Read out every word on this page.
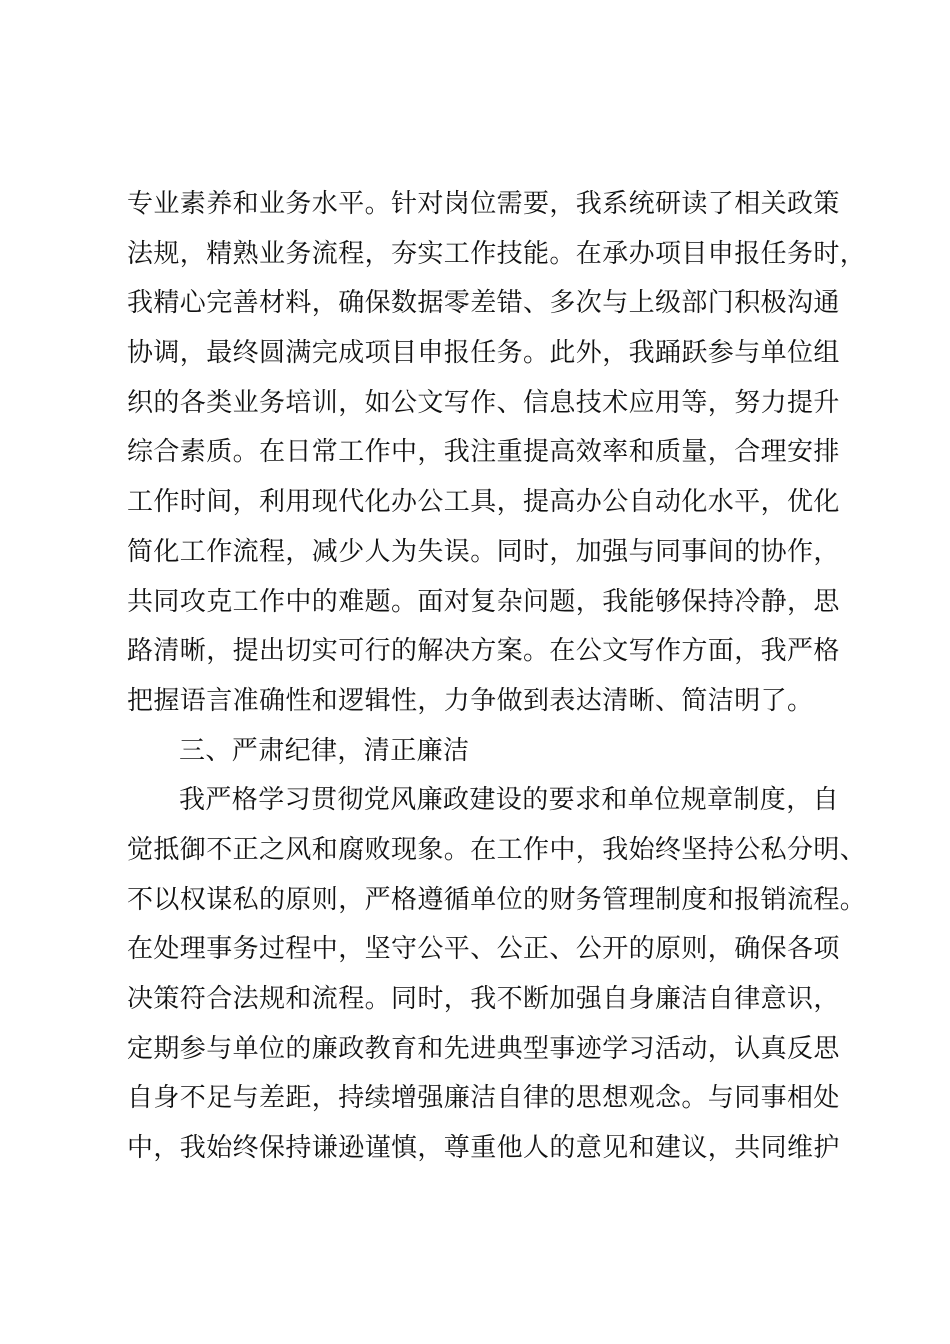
专业素养和业务水平。针对岗位需要，我系统研读了相关政策
法规，精熟业务流程，夯实工作技能。在承办项目申报任务时，
我精心完善材料，确保数据零差错、多次与上级部门积极沟通
协调，最终圆满完成项目申报任务。此外，我踊跃参与单位组
织的各类业务培训，如公文写作、信息技术应用等，努力提升
综合素质。在日常工作中，我注重提高效率和质量，合理安排
工作时间，利用现代化办公工具，提高办公自动化水平，优化
简化工作流程，减少人为失误。同时，加强与同事间的协作，
共同攻克工作中的难题。面对复杂问题，我能够保持冷静，思
路清晰，提出切实可行的解决方案。在公文写作方面，我严格
把握语言准确性和逻辑性，力争做到表达清晰、简洁明了。
三、严肃纪律，清正廉洁
我严格学习贯彻党风廉政建设的要求和单位规章制度，自
觉抵御不正之风和腐败现象。在工作中，我始终坚持公私分明、
不以权谋私的原则，严格遵循单位的财务管理制度和报销流程。
在处理事务过程中，坚守公平、公正、公开的原则，确保各项
决策符合法规和流程。同时，我不断加强自身廉洁自律意识，
定期参与单位的廉政教育和先进典型事迹学习活动，认真反思
自身不足与差距，持续增强廉洁自律的思想观念。与同事相处
中，我始终保持谦逊谨慎，尊重他人的意见和建议，共同维护
